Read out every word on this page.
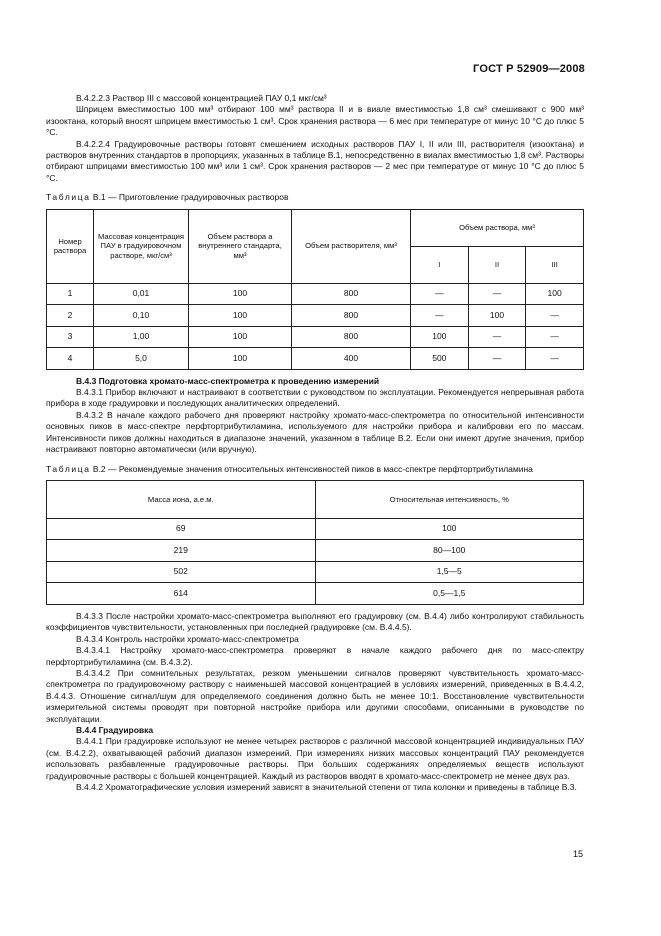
ГОСТ Р 52909—2008

В.4.2.2.3 Раствор III с массовой концентрацией ПАУ 0,1 мкг/см³

Шприцем вместимостью 100 мм³ отбирают 100 мм³ раствора II и в виале вместимостью 1,8 см³ смешивают с 900 мм³ изооктана, который вносят шприцем вместимостью 1 см³. Срок хранения раствора — 6 мес при температуре от минус 10 °С до плюс 5 °С.

В.4.2.2.4 Градуировочные растворы готовят смешением исходных растворов ПАУ I, II или III, растворителя (изооктана) и растворов внутренних стандартов в пропорциях, указанных в таблице В.1, непосредственно в виалах вместимостью 1,8 см³. Растворы отбирают шприцами вместимостью 100 мм³ или 1 см³. Срок хранения растворов — 2 мес при температуре от минус 10 °С до плюс 5 °С.

Таблица В.1 — Приготовление градуировочных растворов

Номер раствора	Массовая концентрация ПАУ в градуировочном растворе, мкг/см³	Объем раствора а внутреннего стандарта, мм³	Объем растворителя, мм³	Объем раствора, мм³		
				I	II	III
1	0,01	100	800	—	—	100
2	0,10	100	800	—	100	—
3	1,00	100	800	100	—	—
4	5,0	100	400	500	—	—

В.4.3 Подготовка хромато-масс-спектрометра к проведению измерений

В.4.3.1 Прибор включают и настраивают в соответствии с руководством по эксплуатации. Рекомендуется непрерывная работа прибора в ходе градуировки и последующих аналитических определений.

В.4.3.2 В начале каждого рабочего дня проверяют настройку хромато-масс-спектрометра по относительной интенсивности основных пиков в масс-спектре перфтортрибутиламина, используемого для настройки прибора и калибровки его по массам. Интенсивности пиков должны находиться в диапазоне значений, указанном в таблице В.2. Если они имеют другие значения, прибор настраивают повторно автоматически (или вручную).

Таблица В.2 — Рекомендуемые значения относительных интенсивностей пиков в масс-спектре перфтортрибутиламина

Масса иона, а.е.м.	Относительная интенсивность, %
69	100
219	80—100
502	1,5—5
614	0,5—1,5

В.4.3.3 После настройки хромато-масс-спектрометра выполняют его градуировку (см. В.4.4) либо контролируют стабильность коэффициентов чувствительности, установленных при последней градуировке (см. В.4.4.5).

В.4.3.4 Контроль настройки хромато-масс-спектрометра

В.4.3.4.1 Настройку хромато-масс-спектрометра проверяют в начале каждого рабочего дня по масс-спектру перфтортрибутиламина (см. В.4.3.2).

В.4.3.4.2 При сомнительных результатах, резком уменьшении сигналов проверяют чувствительность хромато-масс-спектрометра по градуировочному раствору с наименьшей массовой концентрацией в условиях измерений, приведенных в В.4.4.2, В.4.4.3. Отношение сигнал/шум для определяемого соединения должно быть не менее 10:1. Восстановление чувствительности измерительной системы проводят при повторной настройке прибора или другими способами, описанными в руководстве по эксплуатации.

В.4.4 Градуировка

В.4.4.1 При градуировке используют не менее четырех растворов с различной массовой концентрацией индивидуальных ПАУ (см. В.4.2.2), охватывающей рабочий диапазон измерений. При измерениях низких массовых концентраций ПАУ рекомендуется использовать разбавленные градуировочные растворы. При больших содержаниях определяемых веществ используют градуировочные растворы с большей концентрацией. Каждый из растворов вводят в хромато-масс-спектрометр не менее двух раз.

В.4.4.2 Хроматографические условия измерений зависят в значительной степени от типа колонки и приведены в таблице В.3.

15
